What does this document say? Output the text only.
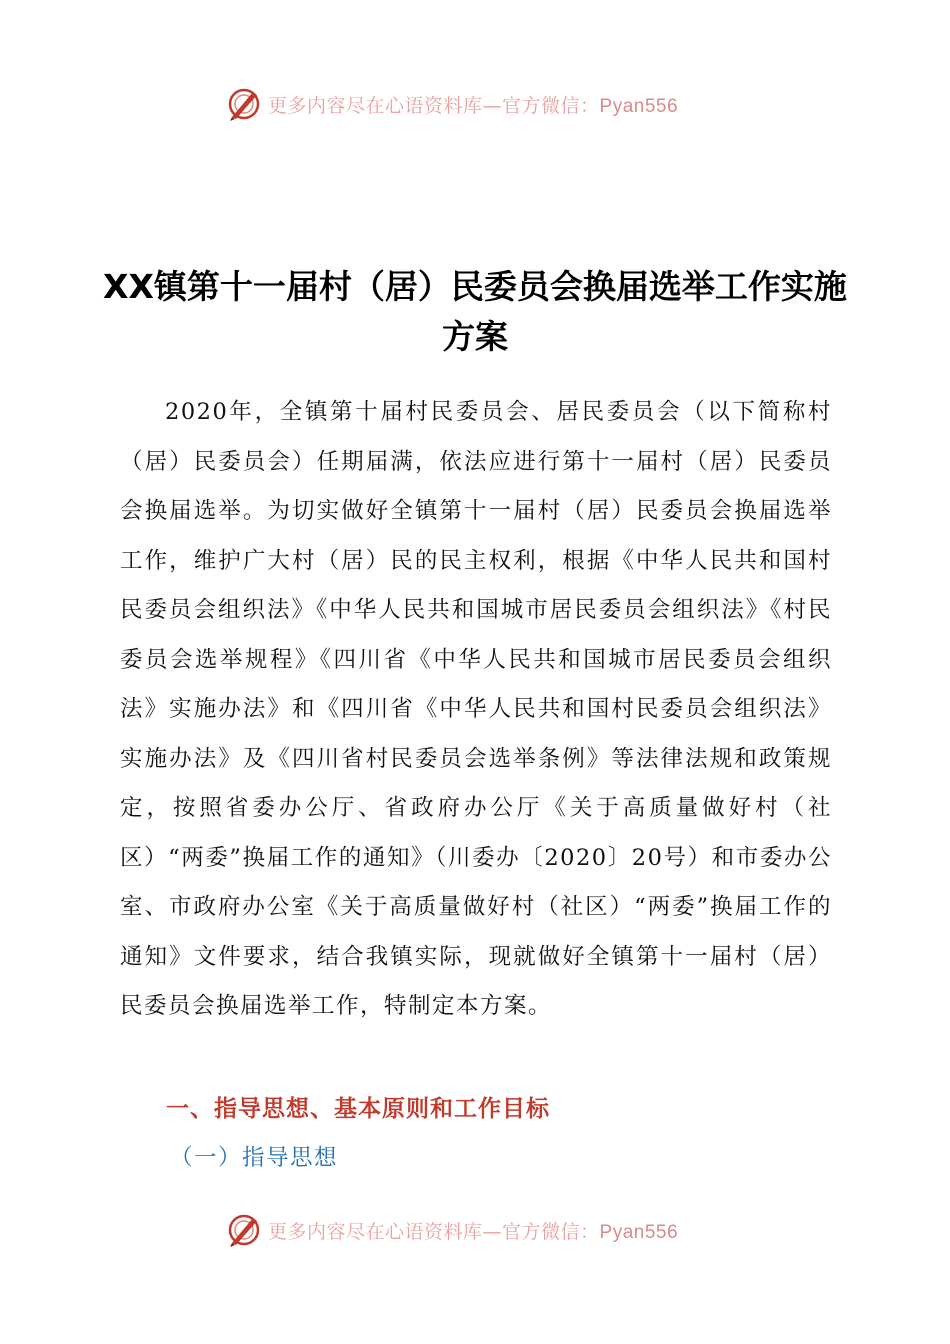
更多内容尽在心语资料库—官方微信：Pyan556
XX镇第十一届村（居）民委员会换届选举工作实施方案

2020年，全镇第十届村民委员会、居民委员会（以下简称村（居）民委员会）任期届满，依法应进行第十一届村（居）民委员会换届选举。为切实做好全镇第十一届村（居）民委员会换届选举工作，维护广大村（居）民的民主权利，根据《中华人民共和国村民委员会组织法》《中华人民共和国城市居民委员会组织法》《村民委员会选举规程》《四川省《中华人民共和国城市居民委员会组织法》实施办法》和《四川省《中华人民共和国村民委员会组织法》实施办法》及《四川省村民委员会选举条例》等法律法规和政策规定，按照省委办公厅、省政府办公厅《关于高质量做好村（社区）“两委”换届工作的通知》（川委办〔2020〕20号）和市委办公室、市政府办公室《关于高质量做好村（社区）“两委”换届工作的通知》文件要求，结合我镇实际，现就做好全镇第十一届村（居）民委员会换届选举工作，特制定本方案。

一、指导思想、基本原则和工作目标
（一）指导思想
更多内容尽在心语资料库—官方微信：Pyan556
